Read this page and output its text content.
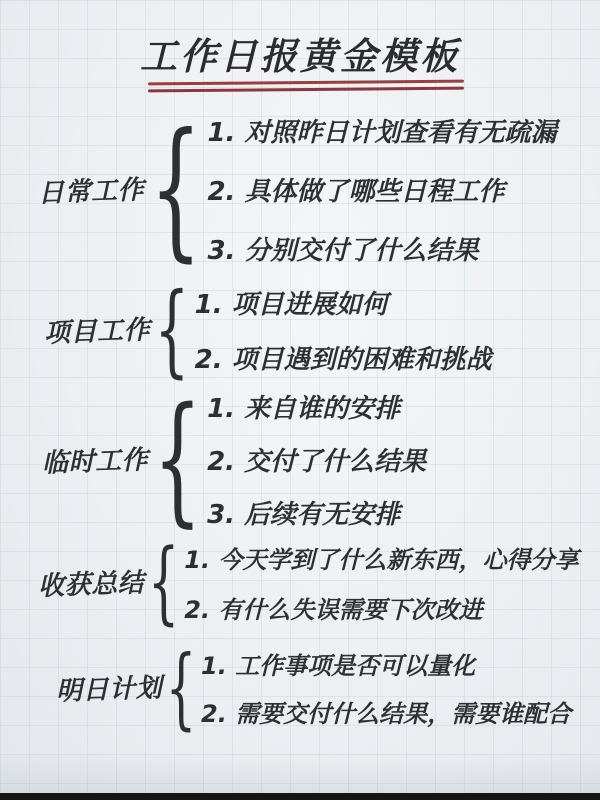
工作日报黄金模板
日常工作 { 1. 对照昨日计划查看有无疏漏
2. 具体做了哪些日程工作
3. 分别交付了什么结果
项目工作 { 1. 项目进展如何
2. 项目遇到的困难和挑战
临时工作 { 1. 来自谁的安排
2. 交付了什么结果
3. 后续有无安排
收获总结 { 1. 今天学到了什么新东西，心得分享
2. 有什么失误需要下次改进
明日计划 { 1. 工作事项是否可以量化
2. 需要交付什么结果，需要谁配合
